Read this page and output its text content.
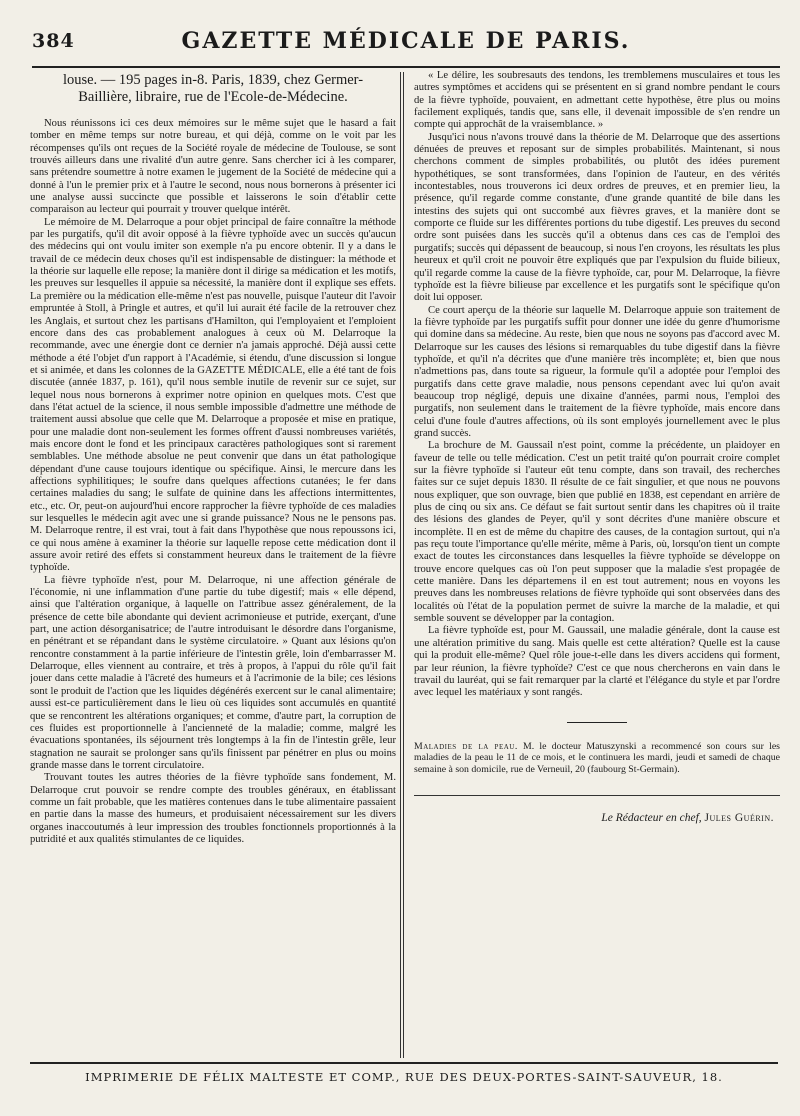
384	GAZETTE MÉDICALE DE PARIS.

louse. — 195 pages in-8. Paris, 1839, chez Germer-Baillière, libraire, rue de l'Ecole-de-Médecine.

Nous réunissons ici ces deux mémoires sur le même sujet que le hasard a fait tomber en même temps sur notre bureau, et qui déjà, comme on le voit par les récompenses qu'ils ont reçues de la Société royale de médecine de Toulouse, se sont trouvés ailleurs dans une rivalité d'un autre genre. Sans chercher ici à les comparer, sans prétendre soumettre à notre examen le jugement de la Société de médecine qui a donné à l'un le premier prix et à l'autre le second, nous nous bornerons à présenter ici une analyse aussi succincte que possible et laisserons le soin d'établir cette comparaison au lecteur qui pourrait y trouver quelque intérêt.

Le mémoire de M. Delarroque a pour objet principal de faire connaître la méthode par les purgatifs, qu'il dit avoir opposé à la fièvre typhoïde avec un succès qu'aucun des médecins qui ont voulu imiter son exemple n'a pu encore obtenir. Il y a dans le travail de ce médecin deux choses qu'il est indispensable de distinguer: la méthode et la théorie sur laquelle elle repose; la manière dont il dirige sa médication et les motifs, les preuves sur lesquelles il appuie sa nécessité, la manière dont il explique ses effets. La première ou la médication elle-même n'est pas nouvelle, puisque l'auteur dit l'avoir empruntée à Stoll, à Pringle et autres, et qu'il lui aurait été facile de la retrouver chez les Anglais, et surtout chez les partisans d'Hamilton, qui l'employaient et l'emploient encore dans des cas probablement analogues à ceux où M. Delarroque la recommande, avec une énergie dont ce dernier n'a jamais approché. Déjà aussi cette méthode a été l'objet d'un rapport à l'Académie, si étendu, d'une discussion si longue et si animée, et dans les colonnes de la GAZETTE MÉDICALE, elle a été tant de fois discutée (année 1837, p. 161), qu'il nous semble inutile de revenir sur ce sujet, sur lequel nous nous bornerons à exprimer notre opinion en quelques mots. C'est que dans l'état actuel de la science, il nous semble impossible d'admettre une méthode de traitement aussi absolue que celle que M. Delarroque a proposée et mise en pratique, pour une maladie dont non-seulement les formes offrent d'aussi nombreuses variétés, mais encore dont le fond et les principaux caractères pathologiques sont si rarement semblables. Une méthode absolue ne peut convenir que dans un état pathologique dépendant d'une cause toujours identique ou spécifique. Ainsi, le mercure dans les affections syphilitiques; le soufre dans quelques affections cutanées; le fer dans certaines maladies du sang; le sulfate de quinine dans les affections intermittentes, etc., etc. Or, peut-on aujourd'hui encore rapprocher la fièvre typhoïde de ces maladies sur lesquelles le médecin agit avec une si grande puissance? Nous ne le pensons pas. M. Delarroque rentre, il est vrai, tout à fait dans l'hypothèse que nous repoussons ici, ce qui nous amène à examiner la théorie sur laquelle repose cette médication dont il assure avoir retiré des effets si constamment heureux dans le traitement de la fièvre typhoïde.

La fièvre typhoïde n'est, pour M. Delarroque, ni une affection générale de l'économie, ni une inflammation d'une partie du tube digestif; mais « elle dépend, ainsi que l'altération organique, à laquelle on l'attribue assez généralement, de la présence de cette bile abondante qui devient acrimonieuse et putride, exerçant, d'une part, une action désorganisatrice; de l'autre introduisant le désordre dans l'organisme, en pénétrant et se répandant dans le système circulatoire. » Quant aux lésions qu'on rencontre constamment à la partie inférieure de l'intestin grêle, loin d'embarrasser M. Delarroque, elles viennent au contraire, et très à propos, à l'appui du rôle qu'il fait jouer dans cette maladie à l'âcreté des humeurs et à l'acrimonie de la bile; ces lésions sont le produit de l'action que les liquides dégénérés exercent sur le canal alimentaire; aussi est-ce particulièrement dans le lieu où ces liquides sont accumulés en quantité que se rencontrent les altérations organiques; et comme, d'autre part, la corruption de ces fluides est proportionnelle à l'ancienneté de la maladie; comme, malgré les évacuations spontanées, ils séjournent très longtemps à la fin de l'intestin grêle, leur stagnation ne saurait se prolonger sans qu'ils finissent par pénétrer en plus ou moins grande masse dans le torrent circulatoire.

Trouvant toutes les autres théories de la fièvre typhoïde sans fondement, M. Delarroque crut pouvoir se rendre compte des troubles généraux, en établissant comme un fait probable, que les matières contenues dans le tube alimentaire passaient en partie dans la masse des humeurs, et produisaient nécessairement sur les divers organes inaccoutumés à leur impression des troubles fonctionnels proportionnés à la putridité et aux qualités stimulantes de ce liquides.

« Le délire, les soubresauts des tendons, les tremblemens musculaires et tous les autres symptômes et accidens qui se présentent en si grand nombre pendant le cours de la fièvre typhoïde, pouvaient, en admettant cette hypothèse, être plus ou moins facilement expliqués, tandis que, sans elle, il devenait impossible de s'en rendre un compte qui approchât de la vraisemblance. »

Jusqu'ici nous n'avons trouvé dans la théorie de M. Delarroque que des assertions dénuées de preuves et reposant sur de simples probabilités. Maintenant, si nous cherchons comment de simples probabilités, ou plutôt des idées purement hypothétiques, se sont transformées, dans l'opinion de l'auteur, en des vérités incontestables, nous trouverons ici deux ordres de preuves, et en premier lieu, la présence, qu'il regarde comme constante, d'une grande quantité de bile dans les intestins des sujets qui ont succombé aux fièvres graves, et la manière dont se comporte ce fluide sur les différentes portions du tube digestif. Les preuves du second ordre sont puisées dans les succès qu'il a obtenus dans ces cas de l'emploi des purgatifs; succès qui dépassent de beaucoup, si nous l'en croyons, les résultats les plus heureux et qu'il croit ne pouvoir être expliqués que par l'expulsion du fluide bilieux, qu'il regarde comme la cause de la fièvre typhoïde, car, pour M. Delarroque, la fièvre typhoïde est la fièvre bilieuse par excellence et les purgatifs sont le spécifique qu'on doit lui opposer.

Ce court aperçu de la théorie sur laquelle M. Delarroque appuie son traitement de la fièvre typhoïde par les purgatifs suffit pour donner une idée du genre d'humorisme qui domine dans sa médecine. Au reste, bien que nous ne soyons pas d'accord avec M. Delarroque sur les causes des lésions si remarquables du tube digestif dans la fièvre typhoïde, et qu'il n'a décrites que d'une manière très incomplète; et, bien que nous n'admettions pas, dans toute sa rigueur, la formule qu'il a adoptée pour l'emploi des purgatifs dans cette grave maladie, nous pensons cependant avec lui qu'on avait beaucoup trop négligé, depuis une dixaine d'années, parmi nous, l'emploi des purgatifs, non seulement dans le traitement de la fièvre typhoïde, mais encore dans celui d'une foule d'autres affections, où ils sont employés journellement avec le plus grand succès.

La brochure de M. Gaussail n'est point, comme la précédente, un plaidoyer en faveur de telle ou telle médication. C'est un petit traité qu'on pourrait croire complet sur la fièvre typhoïde si l'auteur eût tenu compte, dans son travail, des recherches faites sur ce sujet depuis 1830. Il résulte de ce fait singulier, et que nous ne pouvons nous expliquer, que son ouvrage, bien que publié en 1838, est cependant en arrière de plus de cinq ou six ans. Ce défaut se fait surtout sentir dans les chapitres où il traite des lésions des glandes de Peyer, qu'il y sont décrites d'une manière obscure et incomplète. Il en est de même du chapitre des causes, de la contagion surtout, qui n'a pas reçu toute l'importance qu'elle mérite, même à Paris, où, lorsqu'on tient un compte exact de toutes les circonstances dans lesquelles la fièvre typhoïde se développe on trouve encore quelques cas où l'on peut supposer que la maladie s'est propagée de cette manière. Dans les départemens il en est tout autrement; nous en voyons les preuves dans les nombreuses relations de fièvre typhoïde qui sont observées dans des localités où l'état de la population permet de suivre la marche de la maladie, et qui semble souvent se développer par la contagion.

La fièvre typhoïde est, pour M. Gaussail, une maladie générale, dont la cause est une altération primitive du sang. Mais quelle est cette altération? Quelle est la cause qui la produit elle-même? Quel rôle joue-t-elle dans les divers accidens qui forment, par leur réunion, la fièvre typhoïde? C'est ce que nous chercherons en vain dans le travail du lauréat, qui se fait remarquer par la clarté et l'élégance du style et par l'ordre avec lequel les matériaux y sont rangés.

Maladies de la peau. M. le docteur Matuszynski a recommencé son cours sur les maladies de la peau le 11 de ce mois, et le continuera les mardi, jeudi et samedi de chaque semaine à son domicile, rue de Verneuil, 20 (faubourg St-Germain).

Le Rédacteur en chef, Jules Guérin.
IMPRIMERIE DE FÉLIX MALTESTE ET COMP., RUE DES DEUX-PORTES-SAINT-SAUVEUR, 18.
